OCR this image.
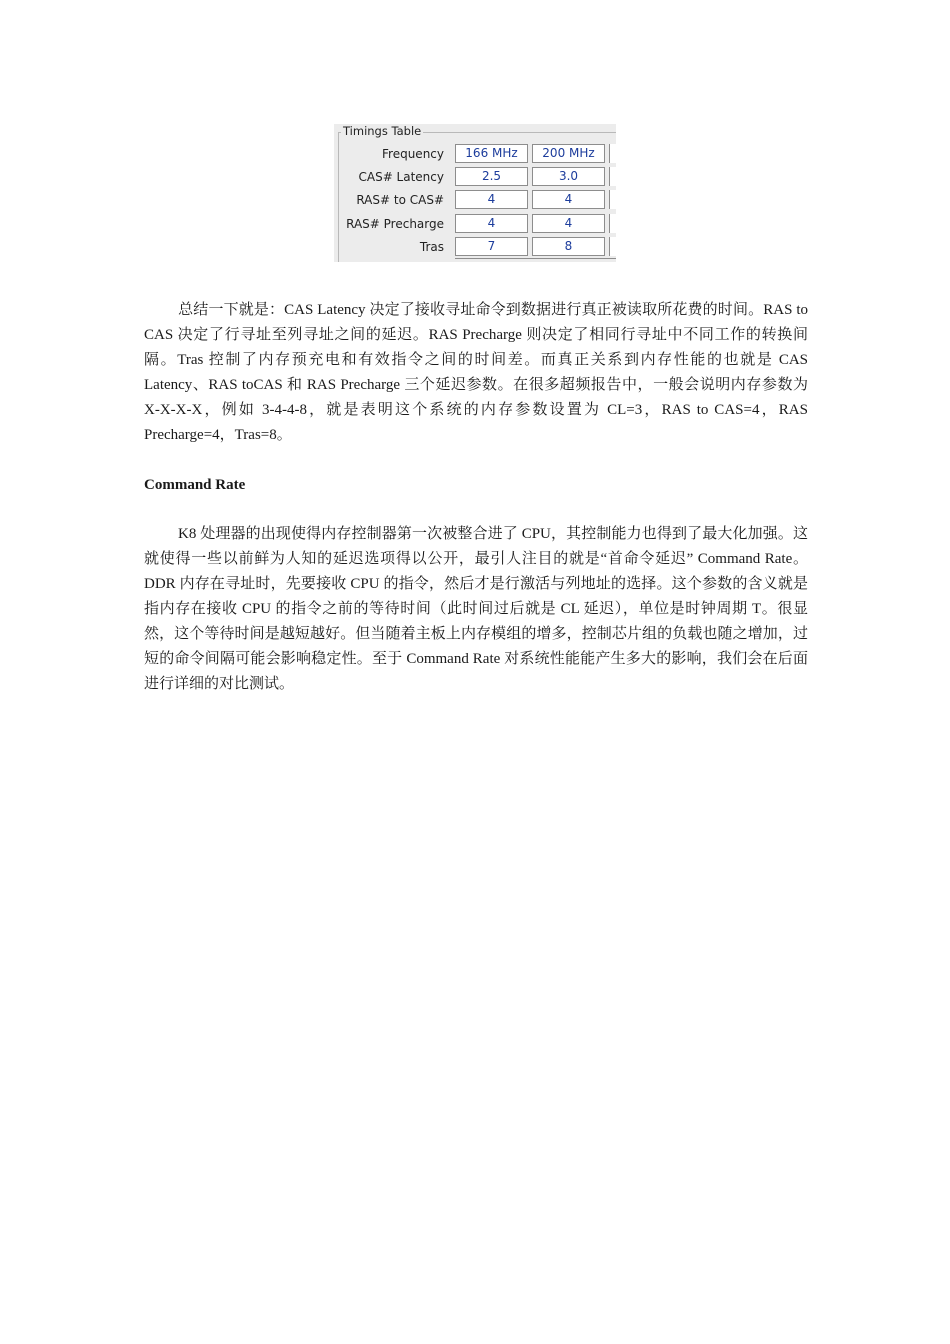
Timings Table
Frequency	166 MHz	200 MHz
CAS# Latency	2.5	3.0
RAS# to CAS#	4	4
RAS# Precharge	4	4
Tras	7	8

总结一下就是：CAS Latency 决定了接收寻址命令到数据进行真正被读取所花费的时间。RAS to CAS 决定了行寻址至列寻址之间的延迟。RAS Precharge 则决定了相同行寻址中不同工作的转换间隔。Tras 控制了内存预充电和有效指令之间的时间差。而真正关系到内存性能的也就是 CAS Latency、RAS toCAS 和 RAS Precharge 三个延迟参数。在很多超频报告中，一般会说明内存参数为 X-X-X-X，例如 3-4-4-8，就是表明这个系统的内存参数设置为 CL=3，RAS to CAS=4，RAS Precharge=4，Tras=8。

Command Rate

K8 处理器的出现使得内存控制器第一次被整合进了 CPU，其控制能力也得到了最大化加强。这就使得一些以前鲜为人知的延迟选项得以公开，最引人注目的就是“首命令延迟” Command Rate。DDR 内存在寻址时，先要接收 CPU 的指令，然后才是行激活与列地址的选择。这个参数的含义就是指内存在接收 CPU 的指令之前的等待时间（此时间过后就是 CL 延迟），单位是时钟周期 T。很显然，这个等待时间是越短越好。但当随着主板上内存模组的增多，控制芯片组的负载也随之增加，过短的命令间隔可能会影响稳定性。至于 Command Rate 对系统性能能产生多大的影响，我们会在后面进行详细的对比测试。
